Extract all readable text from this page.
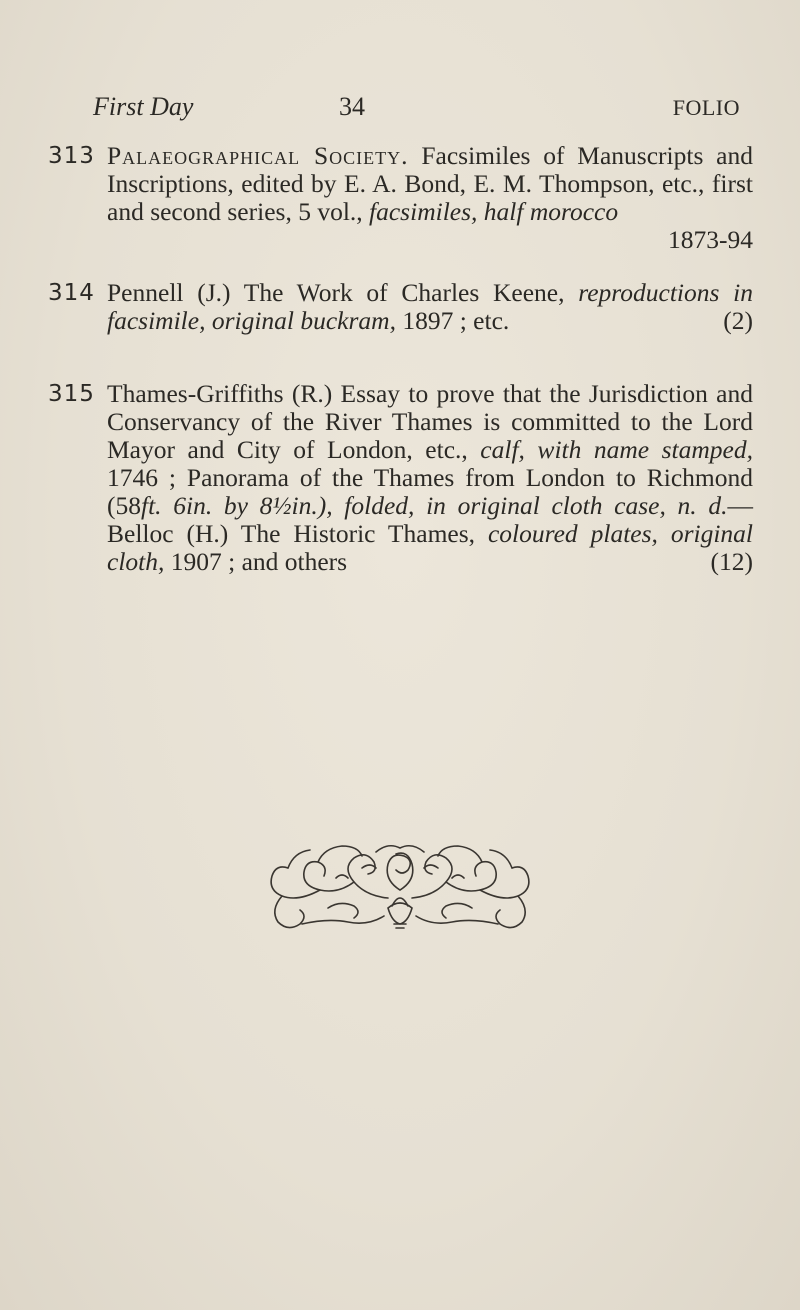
First Day	34	FOLIO
313 Palaeographical Society. Facsimiles of Manuscripts and Inscriptions, edited by E. A. Bond, E. M. Thompson, etc., first and second series, 5 vol., facsimiles, half morocco
1873-94
314 Pennell (J.) The Work of Charles Keene, reproductions in facsimile, original buckram, 1897 ; etc.	(2)
315 Thames-Griffiths (R.) Essay to prove that the Jurisdiction and Conservancy of the River Thames is committed to the Lord Mayor and City of London, etc., calf, with name stamped, 1746 ; Panorama of the Thames from London to Richmond (58ft. 6in. by 8½in.), folded, in original cloth case, n. d.—Belloc (H.) The Historic Thames, coloured plates, original cloth, 1907 ; and others	(12)
